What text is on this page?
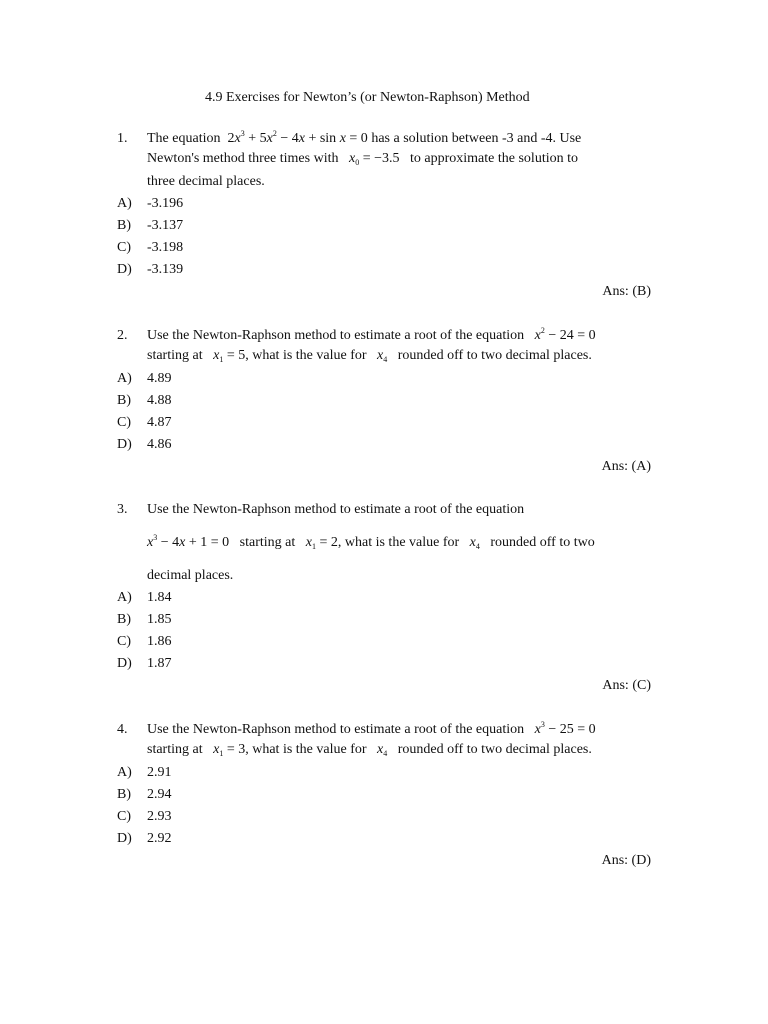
4.9 Exercises for Newton’s (or Newton-Raphson) Method
1. The equation $2x^3 + 5x^2 - 4x + \sin x = 0$ has a solution between -3 and -4. Use
Newton's method three times with $x_0 = -3.5$ to approximate the solution to
three decimal places.
A) -3.196
B) -3.137
C) -3.198
D) -3.139
Ans: (B)
2. Use the Newton-Raphson method to estimate a root of the equation $x^2 - 24 = 0$
starting at $x_1 = 5$, what is the value for $x_4$ rounded off to two decimal places.
A) 4.89
B) 4.88
C) 4.87
D) 4.86
Ans: (A)
3. Use the Newton-Raphson method to estimate a root of the equation
$x^3 - 4x + 1 = 0$ starting at $x_1 = 2$, what is the value for $x_4$ rounded off to two
decimal places.
A) 1.84
B) 1.85
C) 1.86
D) 1.87
Ans: (C)
4. Use the Newton-Raphson method to estimate a root of the equation $x^3 - 25 = 0$
starting at $x_1 = 3$, what is the value for $x_4$ rounded off to two decimal places.
A) 2.91
B) 2.94
C) 2.93
D) 2.92
Ans: (D)
